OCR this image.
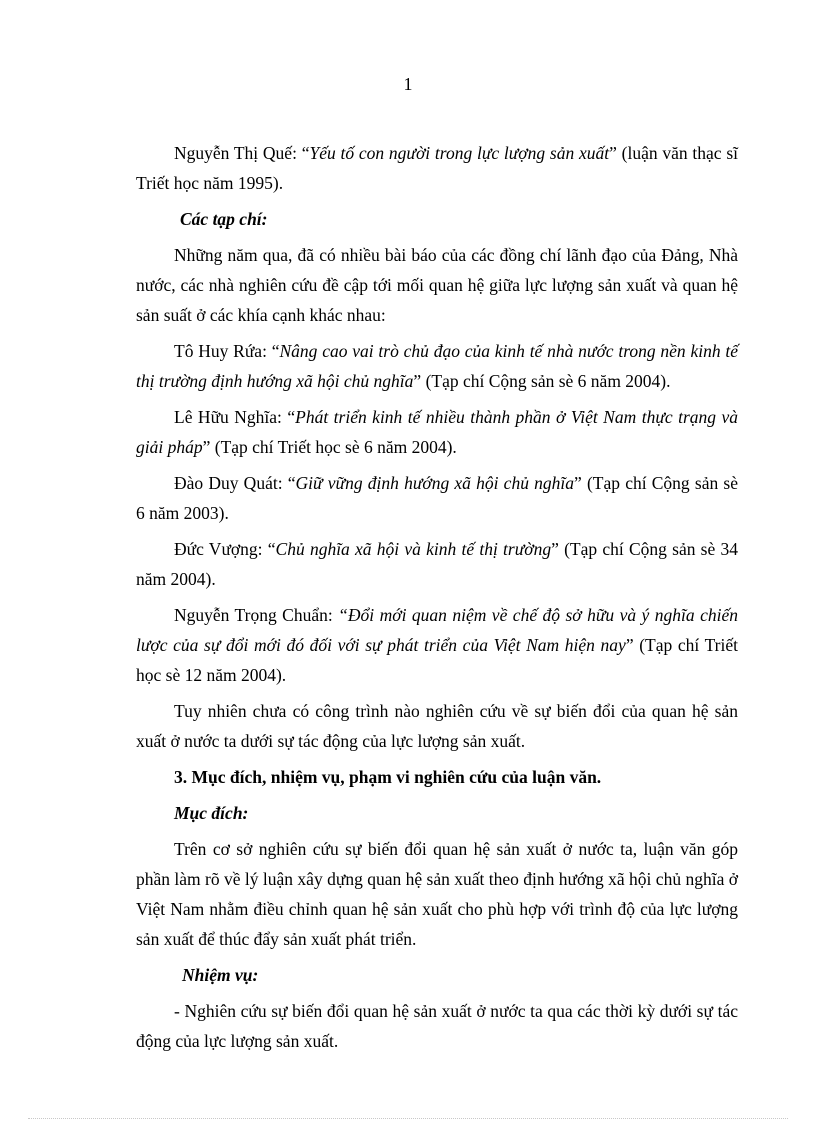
1

Nguyễn Thị Quế: “Yếu tố con người trong lực lượng sản xuất” (luận văn thạc sĩ Triết học năm 1995).

Các tạp chí:

Những năm qua, đã có nhiều bài báo của các đồng chí lãnh đạo của Đảng, Nhà nước, các nhà nghiên cứu đề cập tới mối quan hệ giữa lực lượng sản xuất và quan hệ sản suất ở các khía cạnh khác nhau:

Tô Huy Rứa: “Nâng cao vai trò chủ đạo của kinh tế nhà nước trong nền kinh tế thị trường định hướng xã hội chủ nghĩa” (Tạp chí Cộng sản sè 6 năm 2004).

Lê Hữu Nghĩa: “Phát triển kinh tế nhiều thành phần ở Việt Nam thực trạng và giải pháp” (Tạp chí Triết học sè 6 năm 2004).

Đào Duy Quát: “Giữ vững định hướng xã hội chủ nghĩa” (Tạp chí Cộng sản sè 6 năm 2003).

Đức Vượng: “Chủ nghĩa xã hội và kinh tế thị trường” (Tạp chí Cộng sản sè 34 năm 2004).

Nguyễn Trọng Chuẩn: “Đổi mới quan niệm về chế độ sở hữu và ý nghĩa chiến lược của sự đổi mới đó đối với sự phát triển của Việt Nam hiện nay” (Tạp chí Triết học sè 12 năm 2004).

Tuy nhiên chưa có công trình nào nghiên cứu về sự biến đổi của quan hệ sản xuất ở nước ta dưới sự tác động của lực lượng sản xuất.

3. Mục đích, nhiệm vụ, phạm vi nghiên cứu của luận văn.

Mục đích:

Trên cơ sở nghiên cứu sự biến đổi quan hệ sản xuất ở nước ta, luận văn góp phần làm rõ về lý luận xây dựng quan hệ sản xuất theo định hướng xã hội chủ nghĩa ở Việt Nam nhằm điều chỉnh quan hệ sản xuất cho phù hợp với trình độ của lực lượng sản xuất để thúc đẩy sản xuất phát triển.

Nhiệm vụ:

- Nghiên cứu sự biến đổi quan hệ sản xuất ở nước ta qua các thời kỳ dưới sự tác động của lực lượng sản xuất.
